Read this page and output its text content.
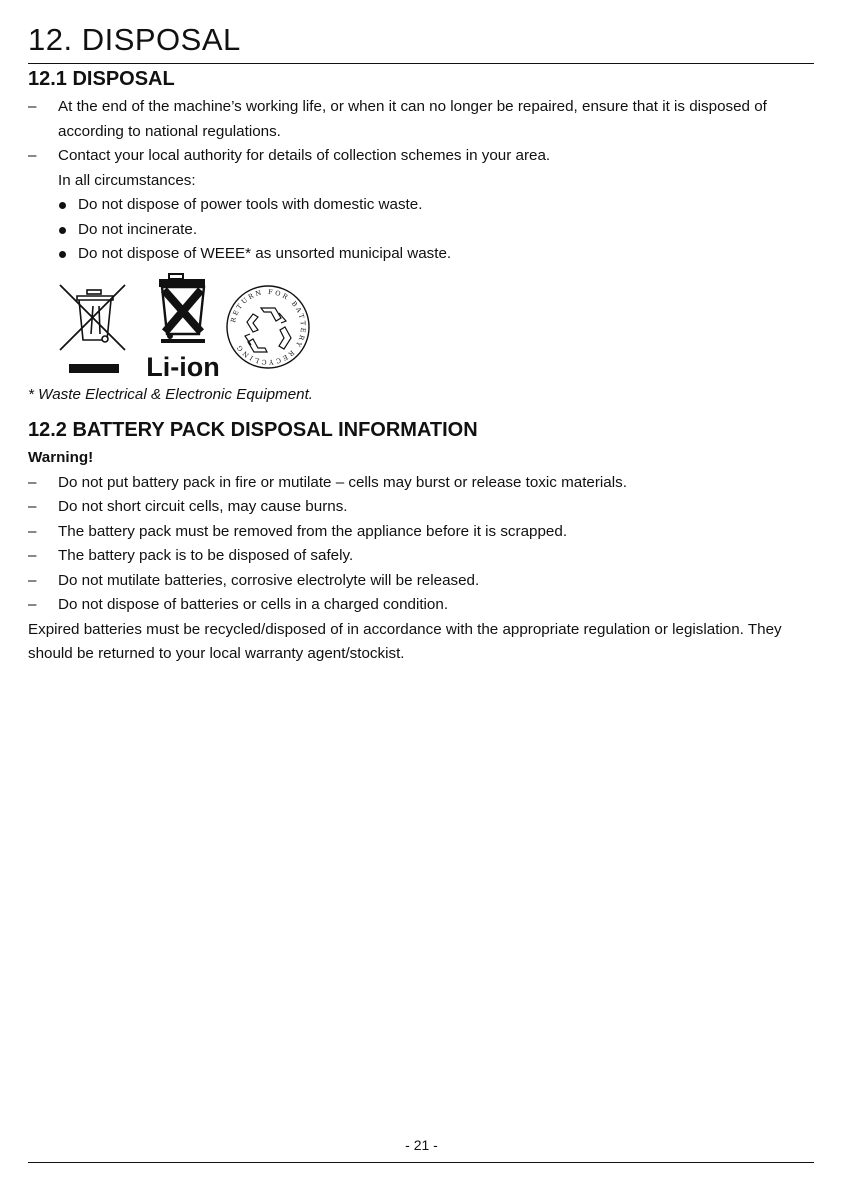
12. DISPOSAL
12.1 DISPOSAL
–	At the end of the machine’s working life, or when it can no longer be repaired, ensure that it is disposed of according to national regulations.
–	Contact your local authority for details of collection schemes in your area.
In all circumstances:
Do not dispose of power tools with domestic waste.
Do not incinerate.
Do not dispose of WEEE* as unsorted municipal waste.
Li-ion
RETURN FOR BATTERY RECYCLING
* Waste Electrical & Electronic Equipment.
12.2 BATTERY PACK DISPOSAL INFORMATION
Warning!
–	Do not put battery pack in fire or mutilate – cells may burst or release toxic materials.
–	Do not short circuit cells, may cause burns.
–	The battery pack must be removed from the appliance before it is scrapped.
–	The battery pack is to be disposed of safely.
–	Do not mutilate batteries, corrosive electrolyte will be released.
–	Do not dispose of batteries or cells in a charged condition.
Expired batteries must be recycled/disposed of in accordance with the appropriate regulation or legislation. They should be returned to your local warranty agent/stockist.
- 21 -
